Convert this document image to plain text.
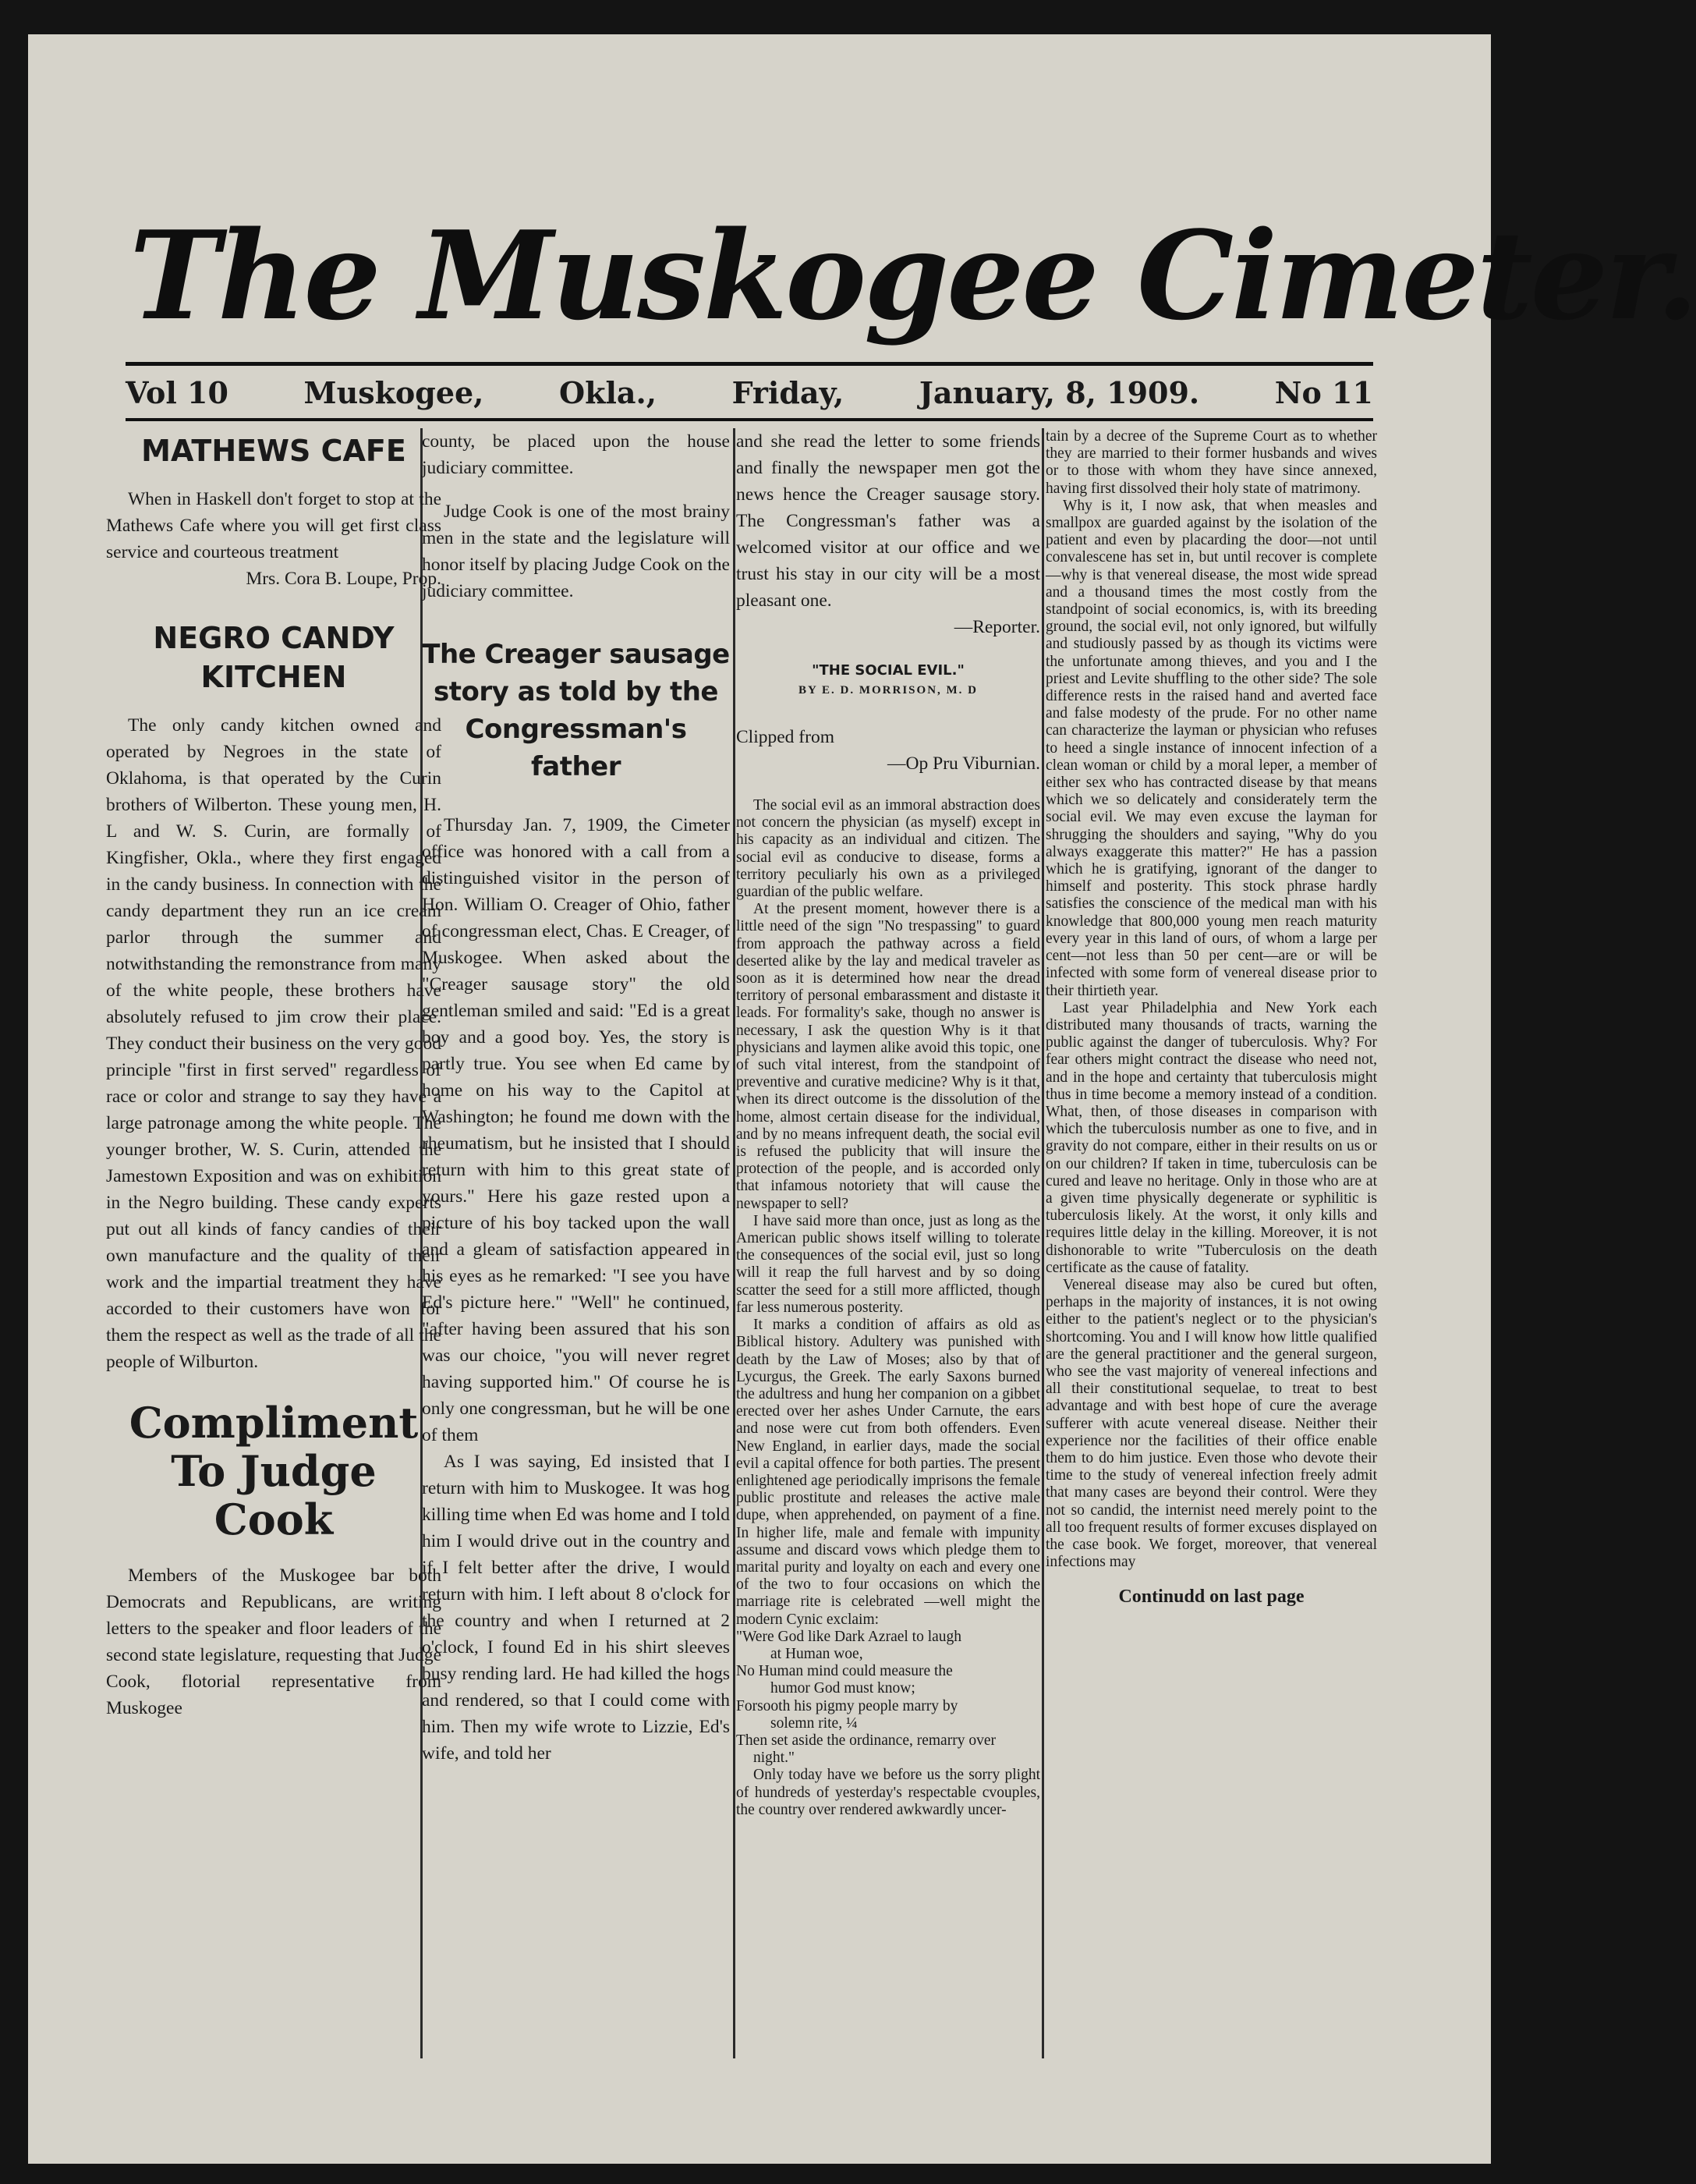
The Muskogee Cimeter.
Vol 10	Muskogee,	Okla.,	Friday,	January, 8, 1909.	No 11
MATHEWS CAFE

When in Haskell don't forget to stop at the Mathews Cafe where you will get first class service and courteous treatment

Mrs. Cora B. Loupe, Prop.

NEGRO CANDY KITCHEN

The only candy kitchen owned and operated by Negroes in the state of Oklahoma, is that operated by the Curin brothers of Wilberton. These young men, H. L and W. S. Curin, are formally of Kingfisher, Okla., where they first engaged in the candy business. In connection with the candy department they run an ice cream parlor through the summer and notwithstanding the remonstrance from many of the white people, these brothers have absolutely refused to jim crow their place. They conduct their business on the very good principle "first in first served" regardless of race or color and strange to say they have a large patronage among the white people. The younger brother, W. S. Curin, attended the Jamestown Exposition and was on exhibition in the Negro building. These candy experts put out all kinds of fancy candies of their own manufacture and the quality of their work and the impartial treatment they have accorded to their customers have won for them the respect as well as the trade of all the people of Wilburton.

Compliment To Judge Cook

Members of the Muskogee bar both Democrats and Republicans, are writing letters to the speaker and floor leaders of the second state legislature, requesting that Judge Cook, flotorial representative from Muskogee

county, be placed upon the house judiciary committee.

Judge Cook is one of the most brainy men in the state and the legislature will honor itself by placing Judge Cook on the judiciary committee.

The Creager sausage story as told by the Congressman's father

Thursday Jan. 7, 1909, the Cimeter office was honored with a call from a distinguished visitor in the person of Hon. William O. Creager of Ohio, father of congressman elect, Chas. E Creager, of Muskogee. When asked about the "Creager sausage story" the old gentleman smiled and said: "Ed is a great boy and a good boy. Yes, the story is partly true. You see when Ed came by home on his way to the Capitol at Washington; he found me down with the rheumatism, but he insisted that I should return with him to this great state of yours." Here his gaze rested upon a picture of his boy tacked upon the wall and a gleam of satisfaction appeared in his eyes as he remarked: "I see you have Ed's picture here." "Well" he continued, "after having been assured that his son was our choice, "you will never regret having supported him." Of course he is only one congressman, but he will be one of them

As I was saying, Ed insisted that I return with him to Muskogee. It was hog killing time when Ed was home and I told him I would drive out in the country and if I felt better after the drive, I would return with him. I left about 8 o'clock for the country and when I returned at 2 o'clock, I found Ed in his shirt sleeves busy rending lard. He had killed the hogs and rendered, so that I could come with him. Then my wife wrote to Lizzie, Ed's wife, and told her

and she read the letter to some friends and finally the newspaper men got the news hence the Creager sausage story. The Congressman's father was a welcomed visitor at our office and we trust his stay in our city will be a most pleasant one.

—Reporter.

"THE SOCIAL EVIL."
BY E. D. MORRISON, M. D

Clipped from

—Op Pru Viburnian.

The social evil as an immoral abstraction does not concern the physician (as myself) except in his capacity as an individual and citizen. The social evil as conducive to disease, forms a territory peculiarly his own as a privileged guardian of the public welfare.

At the present moment, however there is a little need of the sign "No trespassing" to guard from approach the pathway across a field deserted alike by the lay and medical traveler as soon as it is determined how near the dread territory of personal embarassment and distaste it leads. For formality's sake, though no answer is necessary, I ask the question Why is it that physicians and laymen alike avoid this topic, one of such vital interest, from the standpoint of preventive and curative medicine? Why is it that, when its direct outcome is the dissolution of the home, almost certain disease for the individual, and by no means infrequent death, the social evil is refused the publicity that will insure the protection of the people, and is accorded only that infamous notoriety that will cause the newspaper to sell?

I have said more than once, just as long as the American public shows itself willing to tolerate the consequences of the social evil, just so long will it reap the full harvest and by so doing scatter the seed for a still more afflicted, though far less numerous posterity.

It marks a condition of affairs as old as Biblical history. Adultery was punished with death by the Law of Moses; also by that of Lycurgus, the Greek. The early Saxons burned the adultress and hung her companion on a gibbet erected over her ashes Under Carnute, the ears and nose were cut from both offenders. Even New England, in earlier days, made the social evil a capital offence for both parties. The present enlightened age periodically imprisons the female public prostitute and releases the active male dupe, when apprehended, on payment of a fine. In higher life, male and female with impunity assume and discard vows which pledge them to marital purity and loyalty on each and every one of the two to four occasions on which the marriage rite is celebrated —well might the modern Cynic exclaim:

"Were God like Dark Azrael to laugh

at Human woe,

No Human mind could measure the

humor God must know;

Forsooth his pigmy people marry by

solemn rite, ¼

Then set aside the ordinance, remarry over night."

Only today have we before us the sorry plight of hundreds of yesterday's respectable cvouples, the country over rendered awkwardly uncer-

tain by a decree of the Supreme Court as to whether they are married to their former husbands and wives or to those with whom they have since annexed, having first dissolved their holy state of matrimony.

Why is it, I now ask, that when measles and smallpox are guarded against by the isolation of the patient and even by placarding the door—not until convalescene has set in, but until recover is complete—why is that venereal disease, the most wide spread and a thousand times the most costly from the standpoint of social economics, is, with its breeding ground, the social evil, not only ignored, but wilfully and studiously passed by as though its victims were the unfortunate among thieves, and you and I the priest and Levite shuffling to the other side? The sole difference rests in the raised hand and averted face and false modesty of the prude. For no other name can characterize the layman or physician who refuses to heed a single instance of innocent infection of a clean woman or child by a moral leper, a member of either sex who has contracted disease by that means which we so delicately and considerately term the social evil. We may even excuse the layman for shrugging the shoulders and saying, "Why do you always exaggerate this matter?" He has a passion which he is gratifying, ignorant of the danger to himself and posterity. This stock phrase hardly satisfies the conscience of the medical man with his knowledge that 800,000 young men reach maturity every year in this land of ours, of whom a large per cent—not less than 50 per cent—are or will be infected with some form of venereal disease prior to their thirtieth year.

Last year Philadelphia and New York each distributed many thousands of tracts, warning the public against the danger of tuberculosis. Why? For fear others might contract the disease who need not, and in the hope and certainty that tuberculosis might thus in time become a memory instead of a condition. What, then, of those diseases in comparison with which the tuberculosis number as one to five, and in gravity do not compare, either in their results on us or on our children? If taken in time, tuberculosis can be cured and leave no heritage. Only in those who are at a given time physically degenerate or syphilitic is tuberculosis likely. At the worst, it only kills and requires little delay in the killing. Moreover, it is not dishonorable to write "Tuberculosis on the death certificate as the cause of fatality.

Venereal disease may also be cured but often, perhaps in the majority of instances, it is not owing either to the patient's neglect or to the physician's shortcoming. You and I will know how little qualified are the general practitioner and the general surgeon, who see the vast majority of venereal infections and all their constitutional sequelae, to treat to best advantage and with best hope of cure the average sufferer with acute venereal disease. Neither their experience nor the facilities of their office enable them to do him justice. Even those who devote their time to the study of venereal infection freely admit that many cases are beyond their control. Were they not so candid, the internist need merely point to the all too frequent results of former excuses displayed on the case book. We forget, moreover, that venereal infections may

Continudd on last page
